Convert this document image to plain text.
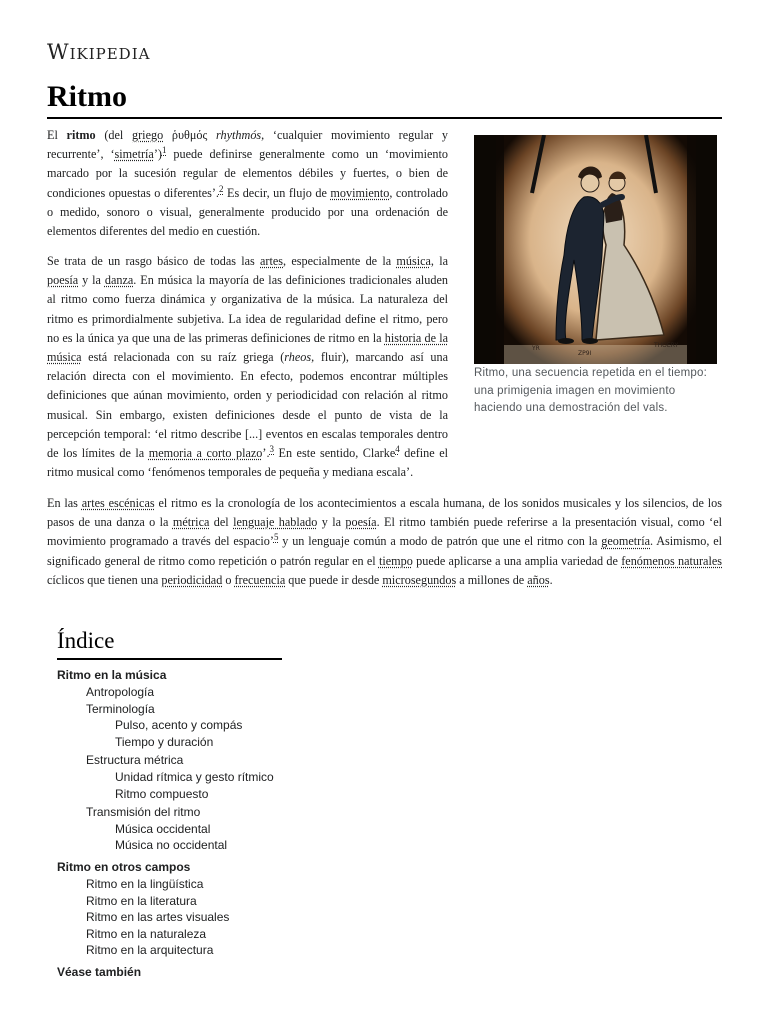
Wikipedia
Ritmo
El ritmo (del griego ῥυθμός rhythmós, ‘cualquier movimiento regular y recurrente’, ‘simetría’)$^1$ puede definirse generalmente como un ‘movimiento marcado por la sucesión regular de elementos débiles y fuertes, o bien de condiciones opuestas o diferentes’.$^2$ Es decir, un flujo de movimiento, controlado o medido, sonoro o visual, generalmente producido por una ordenación de elementos diferentes del medio en cuestión.
Se trata de un rasgo básico de todas las artes, especialmente de la música, la poesía y la danza. En música la mayoría de las definiciones tradicionales aluden al ritmo como fuerza dinámica y organizativa de la música. La naturaleza del ritmo es primordialmente subjetiva. La idea de regularidad define el ritmo, pero no es la única ya que una de las primeras definiciones de ritmo en la historia de la música está relacionada con su raíz griega (rheos, fluir), marcando así una relación directa con el movimiento. En efecto, podemos encontrar múltiples definiciones que aúnan movimiento, orden y periodicidad con relación al ritmo musical. Sin embargo, existen definiciones desde el punto de vista de la percepción temporal: ‘el ritmo describe [...] eventos en escalas temporales dentro de los límites de la memoria a corto plazo’.$^3$ En este sentido, Clarke$^4$ define el ritmo musical como ‘fenómenos temporales de pequeña y mediana escala’.
En las artes escénicas el ritmo es la cronología de los acontecimientos a escala humana, de los sonidos musicales y los silencios, de los pasos de una danza o la métrica del lenguaje hablado y la poesía. El ritmo también puede referirse a la presentación visual, como ‘el movimiento programado a través del espacio’$^5$ y un lenguaje común a modo de patrón que une el ritmo con la geometría. Asimismo, el significado general de ritmo como repetición o patrón regular en el tiempo puede aplicarse a una amplia variedad de fenómenos naturales cíclicos que tienen una periodicidad o frecuencia que puede ir desde microsegundos a millones de años.
YR
ZP9I
THOERY
Ritmo, una secuencia repetida en el tiempo: una primigenia imagen en movimiento haciendo una demostración del vals.
Índice
Ritmo en la música
Antropología
Terminología
Pulso, acento y compás
Tiempo y duración
Estructura métrica
Unidad rítmica y gesto rítmico
Ritmo compuesto
Transmisión del ritmo
Música occidental
Música no occidental
Ritmo en otros campos
Ritmo en la lingüística
Ritmo en la literatura
Ritmo en las artes visuales
Ritmo en la naturaleza
Ritmo en la arquitectura
Véase también
